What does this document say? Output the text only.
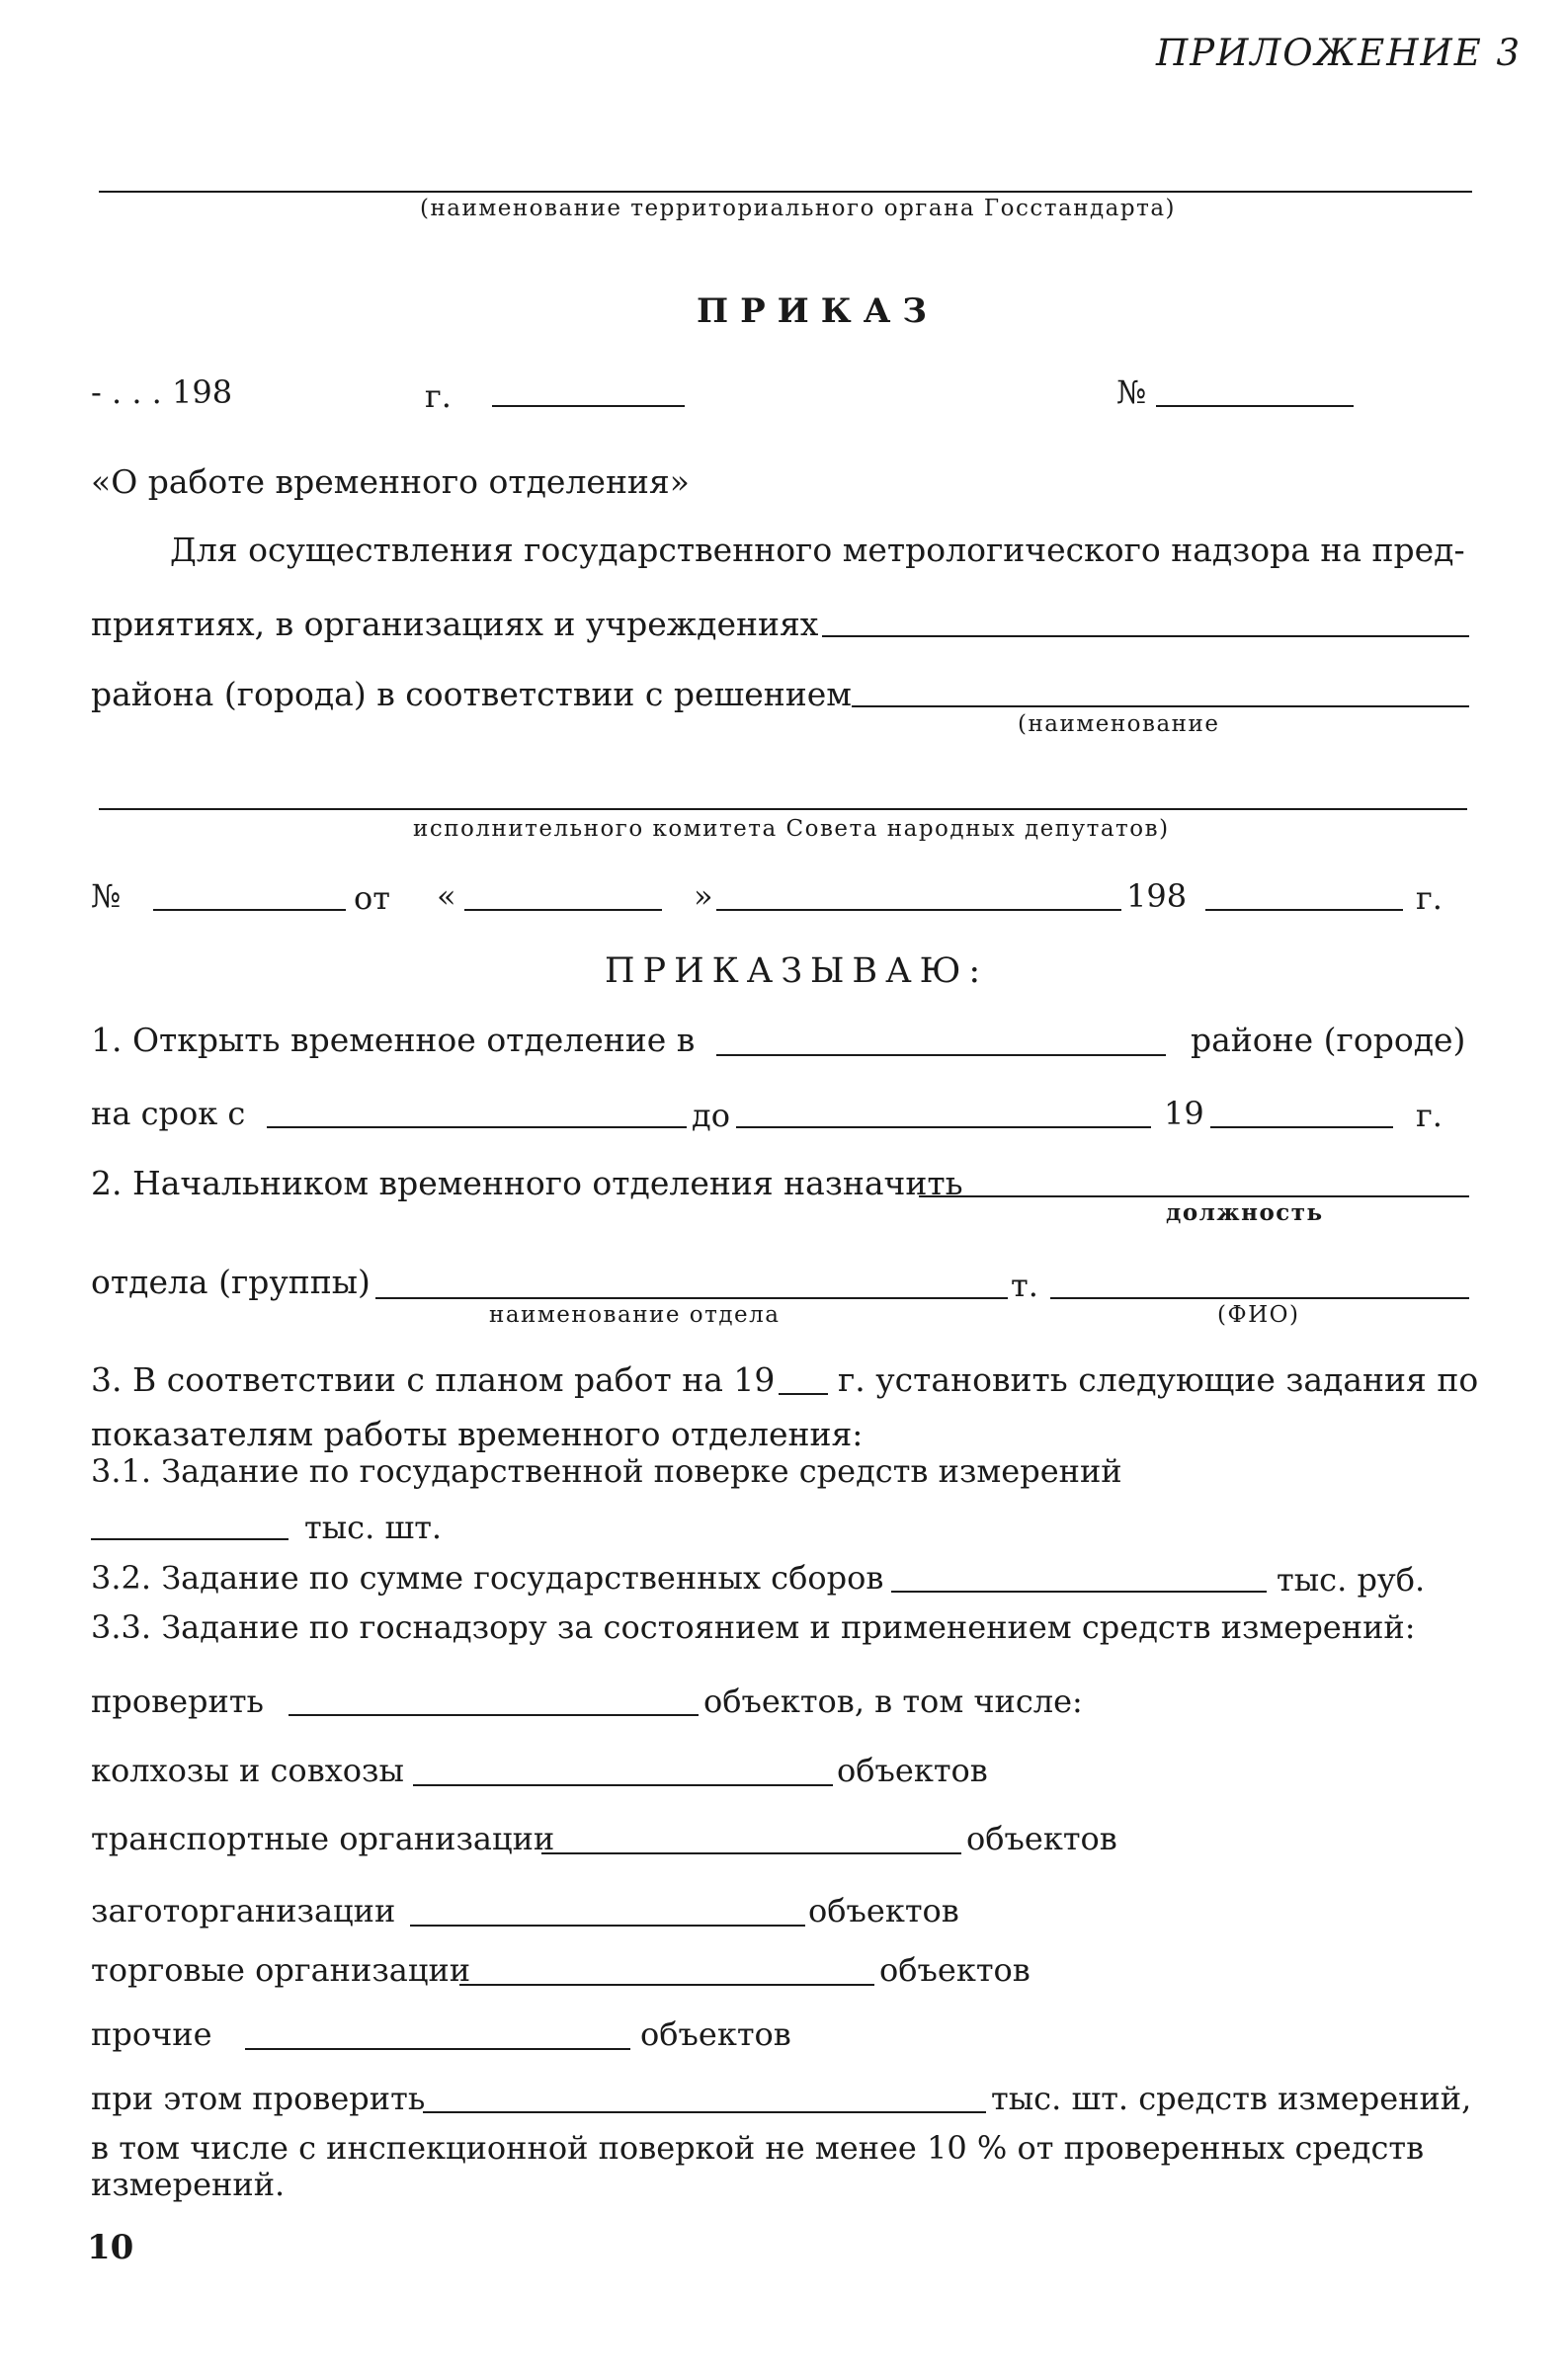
ПРИЛОЖЕНИЕ 3
(наименование территориального органа Госстандарта)
ПРИКАЗ
- . . . 198	г.	№
«О работе временного отделения»
Для осуществления государственного метрологического надзора на пред-
приятиях, в организациях и учреждениях
района (города) в соответствии с решением
(наименование
исполнительного комитета Совета народных депутатов)
№	от «	»	198	г.
ПРИКАЗЫВАЮ:
1. Открыть временное отделение в	районе (городе)
на срок с	до	19	г.
2. Начальником временного отделения назначить
должность
отдела (группы)	т.
наименование отдела	(ФИО)
3. В соответствии с планом работ на 19 г. установить следующие задания по
показателям работы временного отделения:
3.1. Задание по государственной поверке средств измерений
тыс. шт.
3.2. Задание по сумме государственных сборов	тыс. руб.
3.3. Задание по госнадзору за состоянием и применением средств измерений:
проверить	объектов, в том числе:
колхозы и совхозы	объектов
транспортные организации	объектов
заготорганизации	объектов
торговые организации	объектов
прочие	объектов
при этом проверить	тыс. шт. средств измерений,
в том числе с инспекционной поверкой не менее 10 % от проверенных средств
измерений.
10
